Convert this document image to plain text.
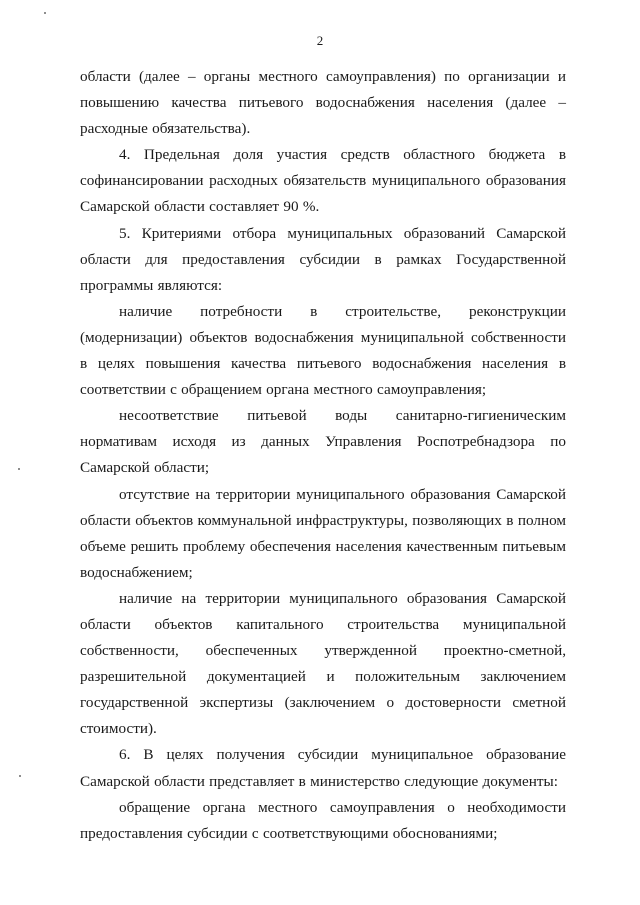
2

области (далее – органы местного самоуправления) по организации и повышению качества питьевого водоснабжения населения (далее – расходные обязательства).

4. Предельная доля участия средств областного бюджета в софинансировании расходных обязательств муниципального образования Самарской области составляет 90 %.

5. Критериями отбора муниципальных образований Самарской области для предоставления субсидии в рамках Государственной программы являются:

наличие потребности в строительстве, реконструкции (модернизации) объектов водоснабжения муниципальной собственности в целях повышения качества питьевого водоснабжения населения в соответствии с обращением органа местного самоуправления;

несоответствие питьевой воды санитарно-гигиеническим нормативам исходя из данных Управления Роспотребнадзора по Самарской области;

отсутствие на территории муниципального образования Самарской области объектов коммунальной инфраструктуры, позволяющих в полном объеме решить проблему обеспечения населения качественным питьевым водоснабжением;

наличие на территории муниципального образования Самарской области объектов капитального строительства муниципальной собственности, обеспеченных утвержденной проектно-сметной, разрешительной документацией и положительным заключением государственной экспертизы (заключением о достоверности сметной стоимости).

6. В целях получения субсидии муниципальное образование Самарской области представляет в министерство следующие документы:

обращение органа местного самоуправления о необходимости предоставления субсидии с соответствующими обоснованиями;
